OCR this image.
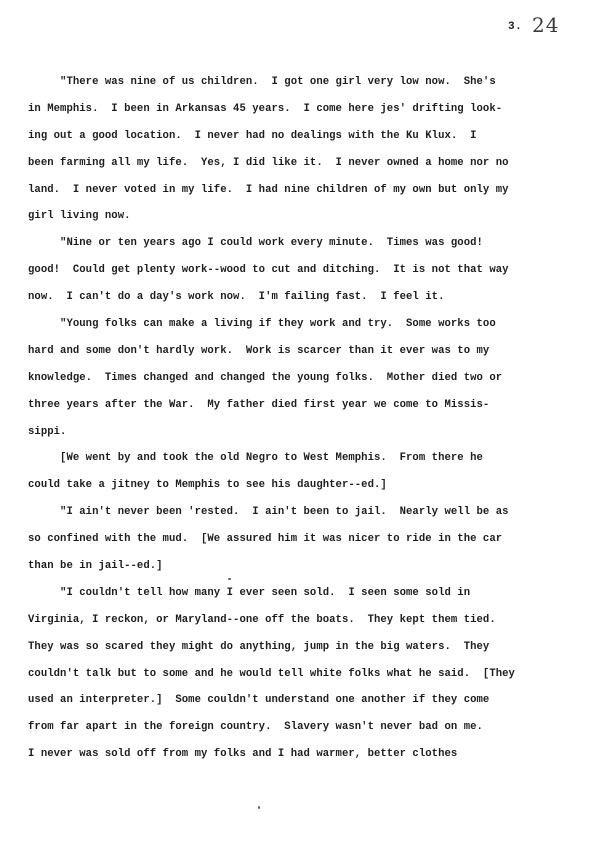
3. 24
"There was nine of us children.  I got one girl very low now.  She's
in Memphis.  I been in Arkansas 45 years.  I come here jes' drifting look-
ing out a good location.  I never had no dealings with the Ku Klux.  I
been farming all my life.  Yes, I did like it.  I never owned a home nor no
land.  I never voted in my life.  I had nine children of my own but only my
girl living now.
"Nine or ten years ago I could work every minute.  Times was good!
good!  Could get plenty work--wood to cut and ditching.  It is not that way
now.  I can't do a day's work now.  I'm failing fast.  I feel it.
"Young folks can make a living if they work and try.  Some works too
hard and some don't hardly work.  Work is scarcer than it ever was to my
knowledge.  Times changed and changed the young folks.  Mother died two or
three years after the War.  My father died first year we come to Missis-
sippi.
[We went by and took the old Negro to West Memphis.  From there he
could take a jitney to Memphis to see his daughter--ed.]
"I ain't never been 'rested.  I ain't been to jail.  Nearly well be as
so confined with the mud.  [We assured him it was nicer to ride in the car
than be in jail--ed.]
"I couldn't tell how many I ever seen sold.  I seen some sold in
Virginia, I reckon, or Maryland--one off the boats.  They kept them tied.
They was so scared they might do anything, jump in the big waters.  They
couldn't talk but to some and he would tell white folks what he said.  [They
used an interpreter.]  Some couldn't understand one another if they come
from far apart in the foreign country.  Slavery wasn't never bad on me.
I never was sold off from my folks and I had warmer, better clothes
